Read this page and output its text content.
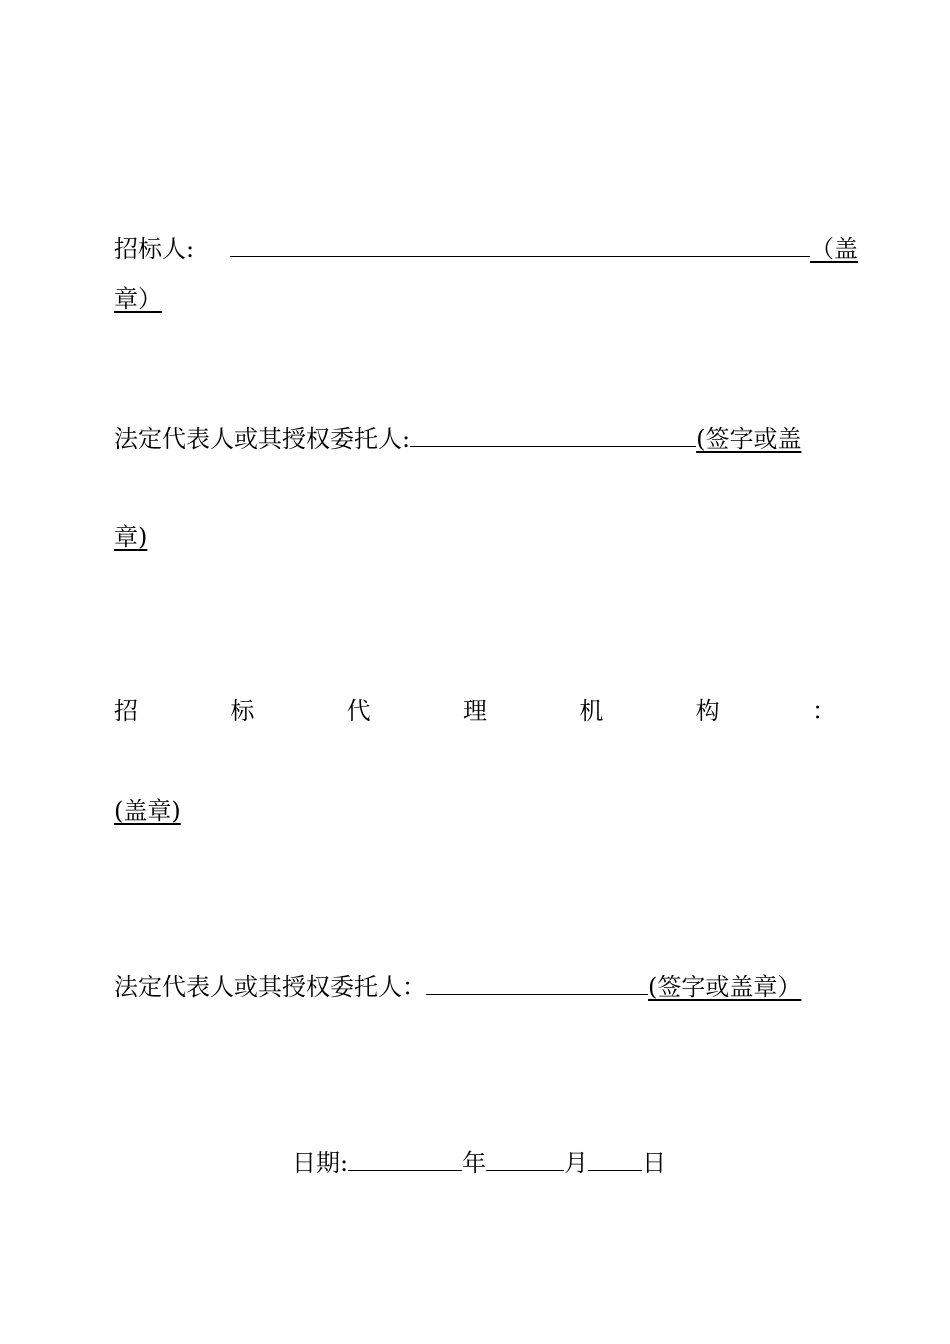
招标人:	（盖
章）
法定代表人或其授权委托人:	(签字或盖
章)
招	标	代	理	机	构	：
(盖章)
法定代表人或其授权委托人：	(签字或盖章）
日期:	年	月 日
